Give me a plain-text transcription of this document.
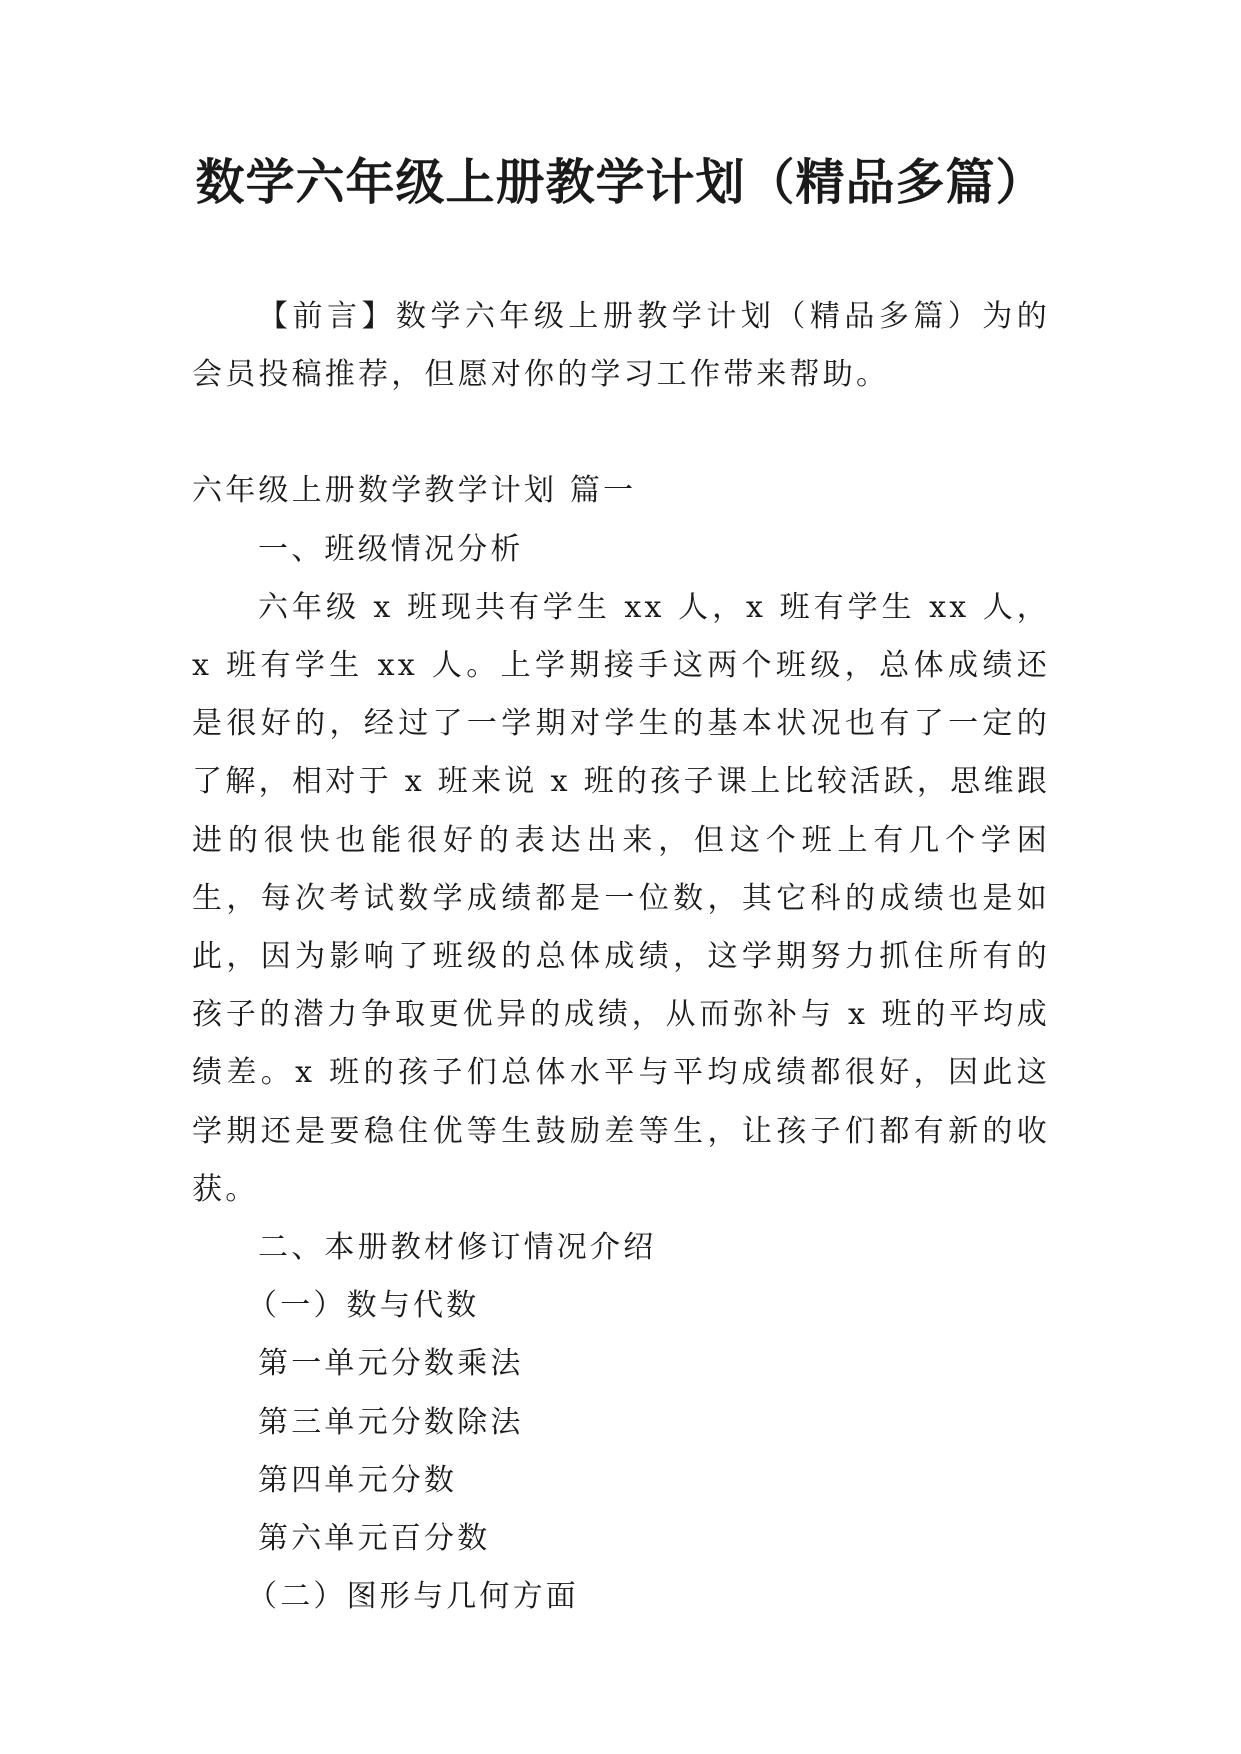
数学六年级上册教学计划（精品多篇）

【前言】数学六年级上册教学计划（精品多篇）为的会员投稿推荐，但愿对你的学习工作带来帮助。

六年级上册数学教学计划 篇一

一、班级情况分析

六年级 x 班现共有学生 xx 人，x 班有学生 xx 人，x 班有学生 xx 人。上学期接手这两个班级，总体成绩还是很好的，经过了一学期对学生的基本状况也有了一定的了解，相对于 x 班来说 x 班的孩子课上比较活跃，思维跟进的很快也能很好的表达出来，但这个班上有几个学困生，每次考试数学成绩都是一位数，其它科的成绩也是如此，因为影响了班级的总体成绩，这学期努力抓住所有的孩子的潜力争取更优异的成绩，从而弥补与 x 班的平均成绩差。x 班的孩子们总体水平与平均成绩都很好，因此这学期还是要稳住优等生鼓励差等生，让孩子们都有新的收获。

二、本册教材修订情况介绍

（一）数与代数

第一单元分数乘法

第三单元分数除法

第四单元分数

第六单元百分数

（二）图形与几何方面
